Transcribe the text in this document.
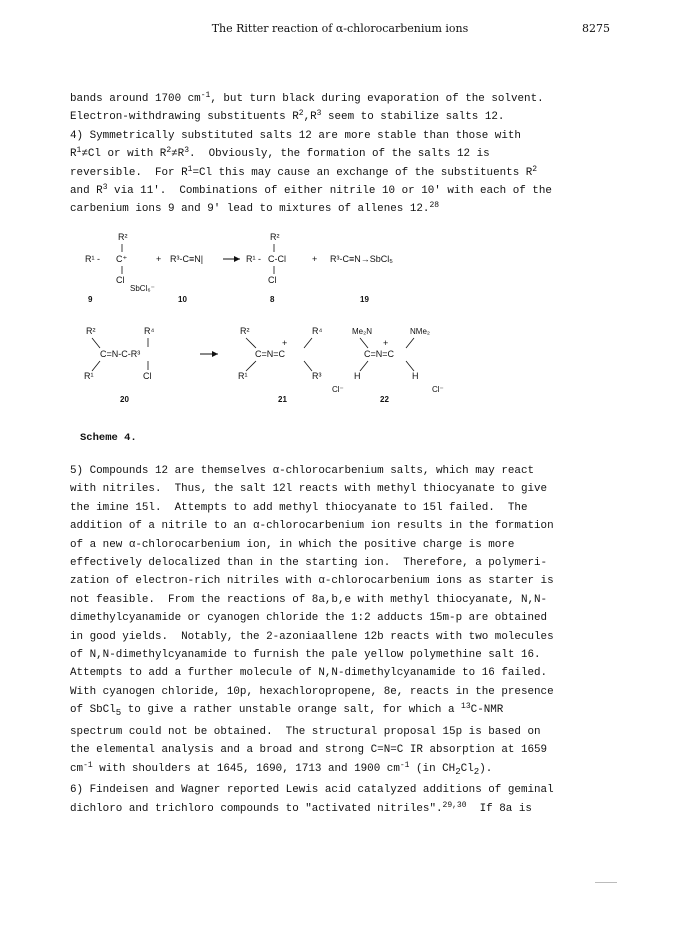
The Ritter reaction of α-chlorocarbenium ions	8275
bands around 1700 $cm^{-1}$, but turn black during evaporation of the solvent.
Electron-withdrawing substituents $R^2,R^3$ seem to stabilize salts 12.
4) Symmetrically substituted salts 12 are more stable than those with
$R^1\ne Cl$ or with $R^2\ne R^3$.  Obviously, the formation of the salts 12 is
reversible.  For $R^1=Cl$ this may cause an exchange of the substituents $R^2$
and $R^3$ via 11'.  Combinations of either nitrile 10 or 10' with each of the
carbenium ions 9 and 9' lead to mixtures of allenes 12.28
R²
R¹ - C⁺
Cl
SbCl₆⁻
9
+ R³-C≡N|
10
R²
R¹ - C-Cl
Cl
8
+ R³-C≡N→SbCl₅
19
R²	R⁴
C=N-C-R³
R¹	Cl
20
R²	R⁴
+
C=N=C
R¹	R³
Cl⁻
21
Me₂N	NMe₂
+
C=N=C
H	H
Cl⁻
22
Scheme 4.
5) Compounds 12 are themselves α-chlorocarbenium salts, which may react
with nitriles.  Thus, the salt 12l reacts with methyl thiocyanate to give
the imine 15l.  Attempts to add methyl thiocyanate to 15l failed.  The
addition of a nitrile to an α-chlorocarbenium ion results in the formation
of a new α-chlorocarbenium ion, in which the positive charge is more
effectively delocalized than in the starting ion.  Therefore, a polymeri-
zation of electron-rich nitriles with α-chlorocarbenium ions as starter is
not feasible.  From the reactions of 8a,b,e with methyl thiocyanate, N,N-
dimethylcyanamide or cyanogen chloride the 1:2 adducts 15m-p are obtained
in good yields.  Notably, the 2-azoniaallene 12b reacts with two molecules
of N,N-dimethylcyanamide to furnish the pale yellow polymethine salt 16.
Attempts to add a further molecule of N,N-dimethylcyanamide to 16 failed.
With cyanogen chloride, 10p, hexachloropropene, 8e, reacts in the presence
of SbCl$_5$ to give a rather unstable orange salt, for which a $^{13}$C-NMR
spectrum could not be obtained.  The structural proposal 15p is based on
the elemental analysis and a broad and strong C=N=C IR absorption at 1659
$cm^{-1}$ with shoulders at 1645, 1690, 1713 and 1900 $cm^{-1}$ (in $CH_2Cl_2$).
6) Findeisen and Wagner reported Lewis acid catalyzed additions of geminal
dichloro and trichloro compounds to "activated nitriles".$^{29,30}$  If 8a is
